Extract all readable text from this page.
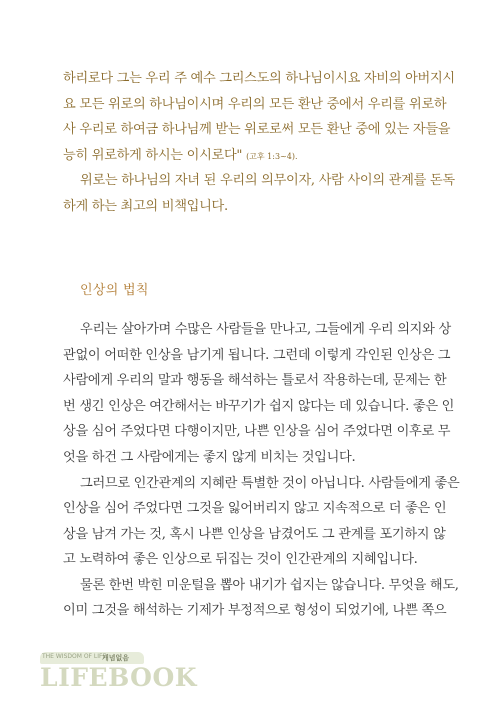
하리로다 그는 우리 주 예수 그리스도의 하나님이시요 자비의 아버지시
요 모든 위로의 하나님이시며 우리의 모든 환난 중에서 우리를 위로하
사 우리로 하여금 하나님께 받는 위로로써 모든 환난 중에 있는 자들을
능히 위로하게 하시는 이시로다" (고후 1:3~4).
위로는 하나님의 자녀 된 우리의 의무이자, 사람 사이의 관계를 돈독
하게 하는 최고의 비책입니다.
인상의 법칙
우리는 살아가며 수많은 사람들을 만나고, 그들에게 우리 의지와 상
관없이 어떠한 인상을 남기게 됩니다. 그런데 이렇게 각인된 인상은 그
사람에게 우리의 말과 행동을 해석하는 틀로서 작용하는데, 문제는 한
번 생긴 인상은 여간해서는 바꾸기가 쉽지 않다는 데 있습니다. 좋은 인
상을 심어 주었다면 다행이지만, 나쁜 인상을 심어 주었다면 이후로 무
엇을 하건 그 사람에게는 좋지 않게 비치는 것입니다.
그러므로 인간관계의 지혜란 특별한 것이 아닙니다. 사람들에게 좋은
인상을 심어 주었다면 그것을 잃어버리지 않고 지속적으로 더 좋은 인
상을 남겨 가는 것, 혹시 나쁜 인상을 남겼어도 그 관계를 포기하지 않
고 노력하여 좋은 인상으로 뒤집는 것이 인간관계의 지혜입니다.
물론 한번 박힌 미운털을 뽑아 내기가 쉽지는 않습니다. 무엇을 해도,
이미 그것을 해석하는 기제가 부정적으로 형성이 되었기에, 나쁜 쪽으
THE WISDOM OF LIFE
개념없음
LIFEBOOK
